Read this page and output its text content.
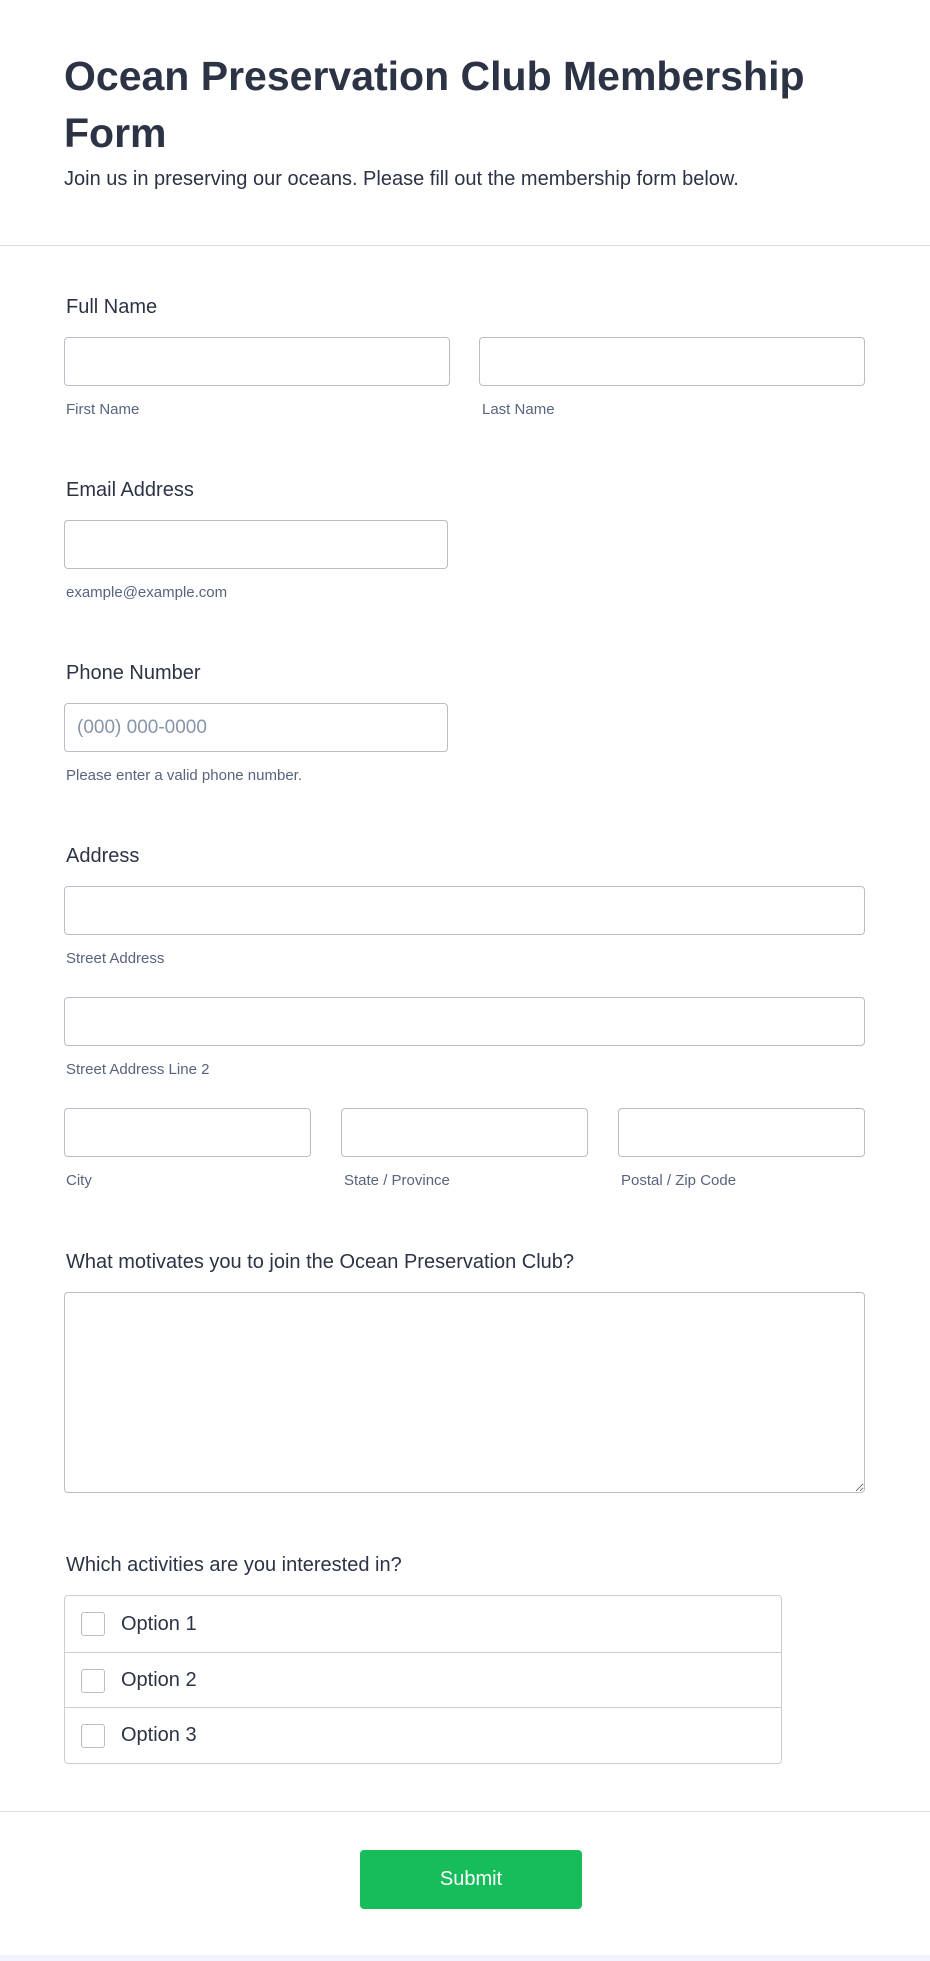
Ocean Preservation Club Membership Form

Join us in preserving our oceans. Please fill out the membership form below.

Full Name
First Name	Last Name
Email Address
example@example.com
Phone Number
(000) 000-0000
Please enter a valid phone number.
Address
Street Address
Street Address Line 2
City	State / Province	Postal / Zip Code
What motivates you to join the Ocean Preservation Club?
Which activities are you interested in?
Option 1
Option 2
Option 3
Submit
